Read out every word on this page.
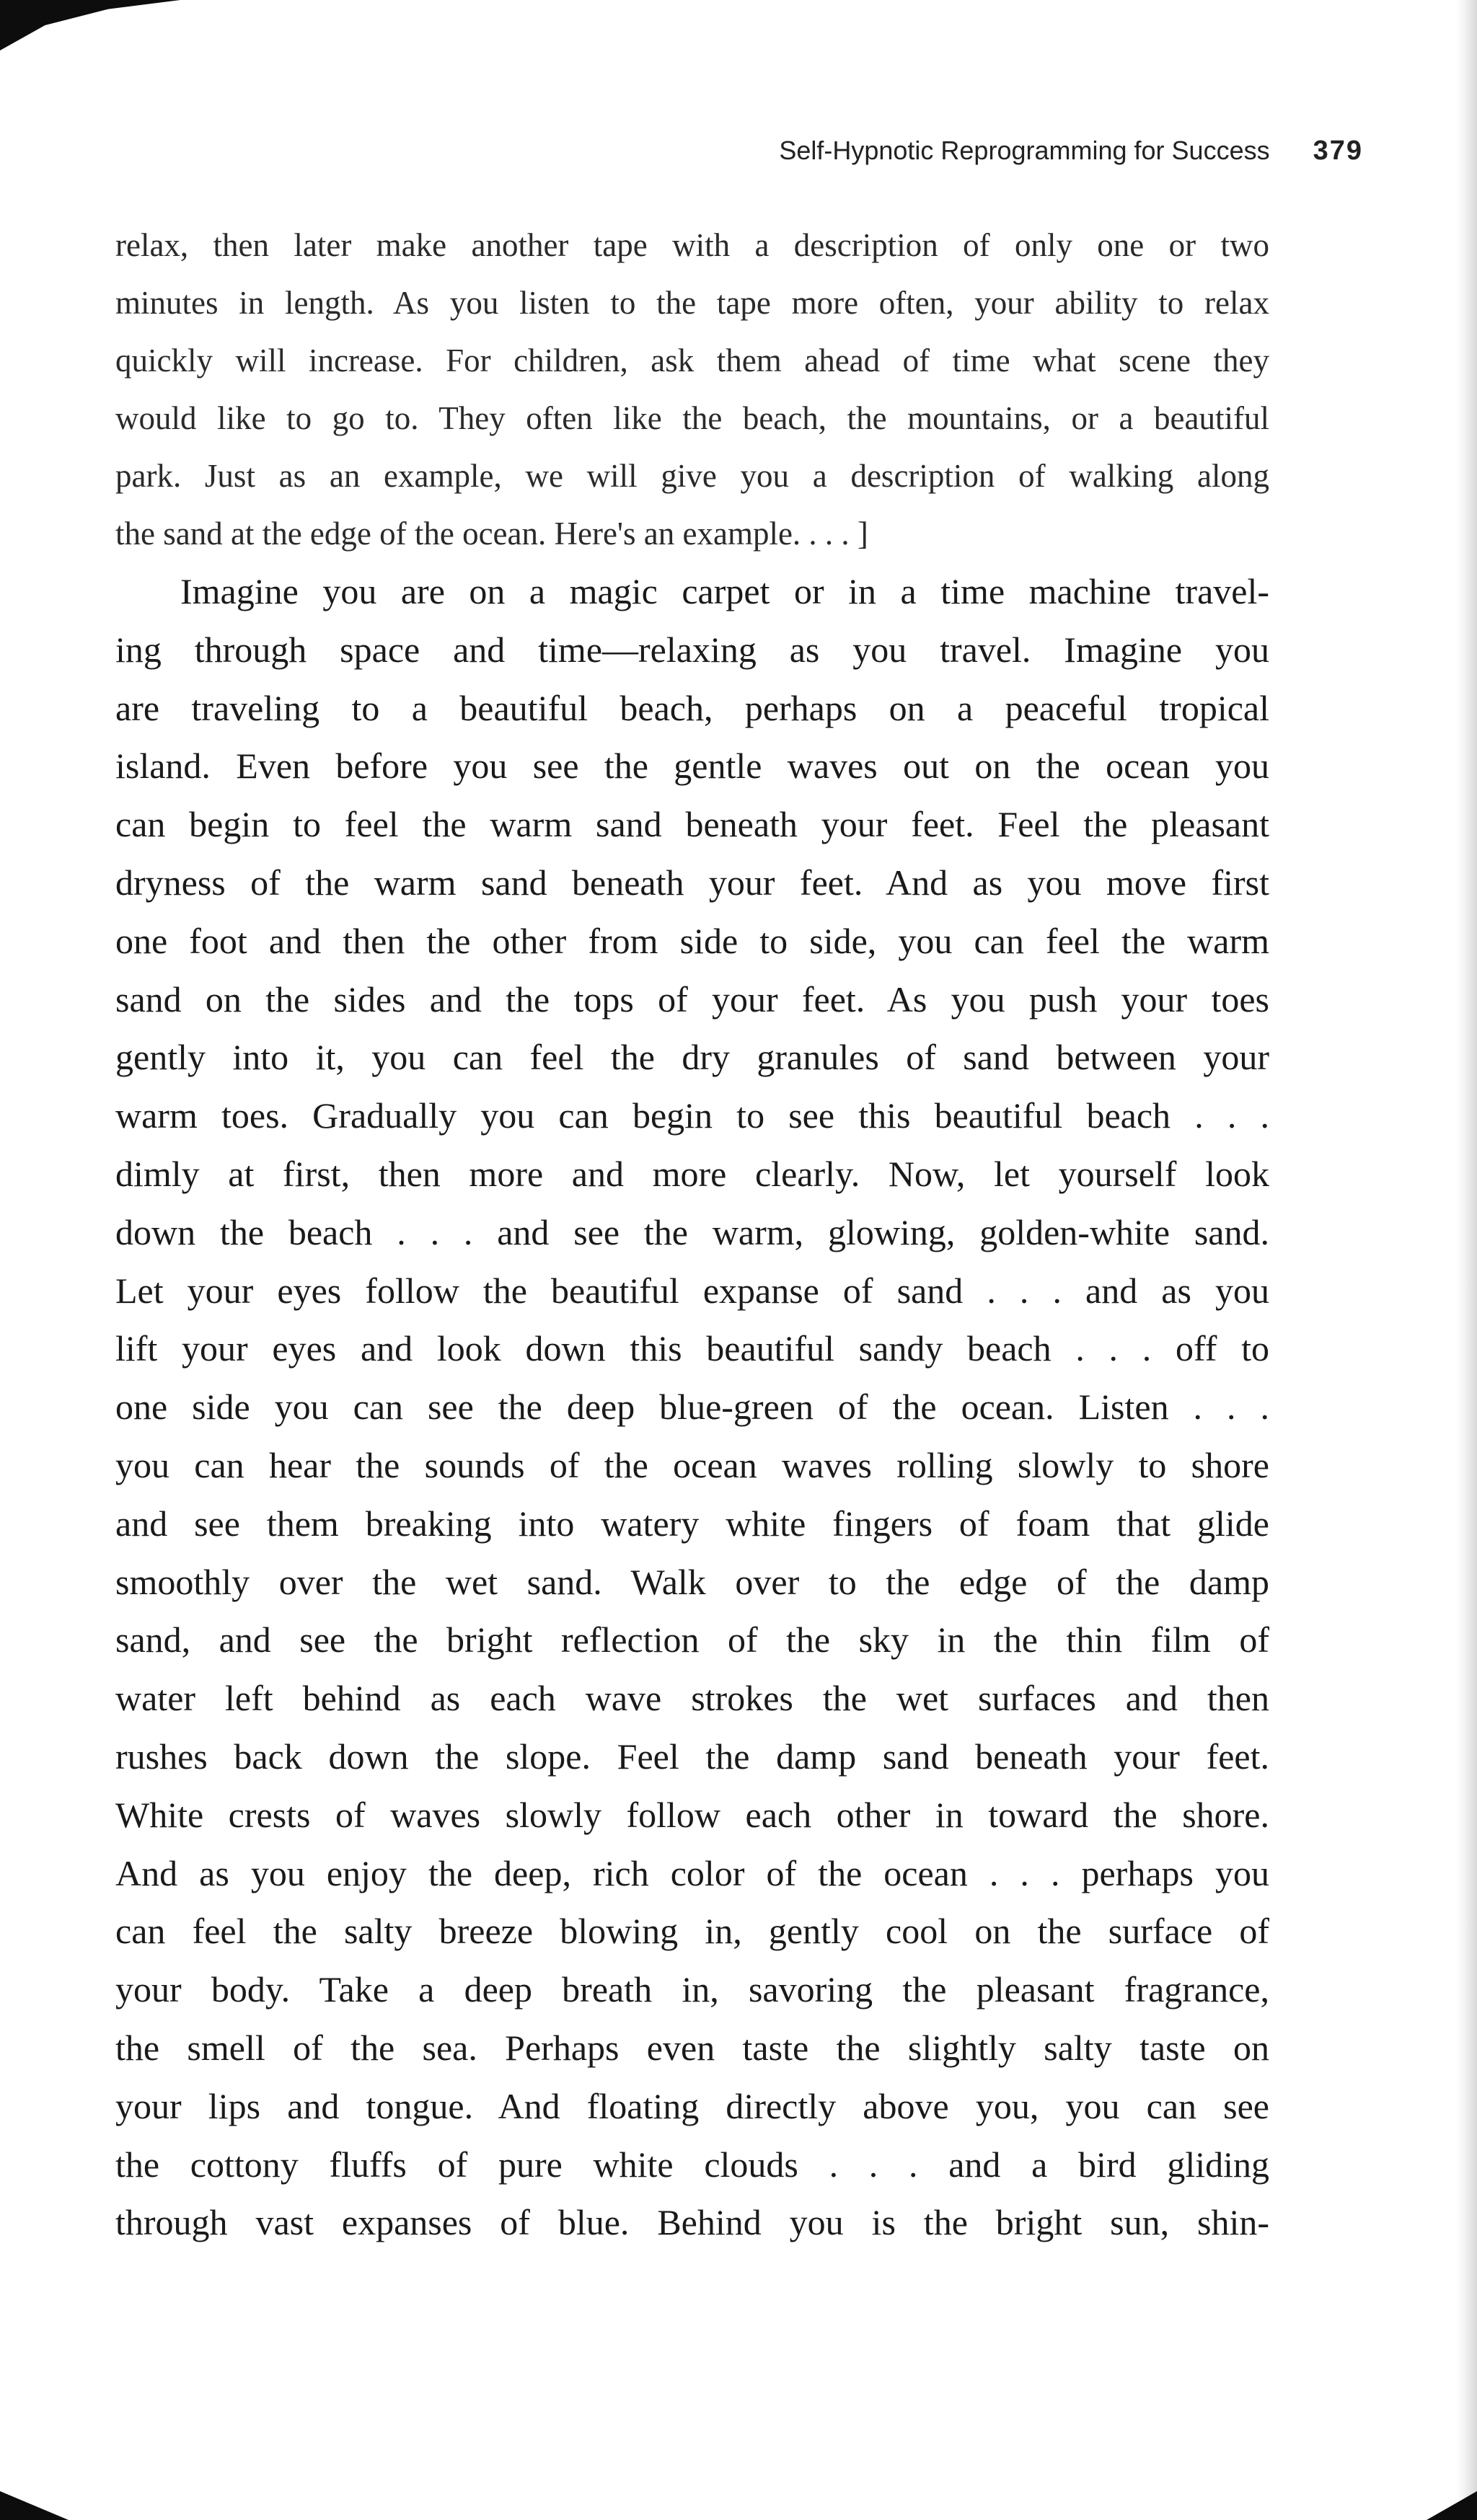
Self-Hypnotic Reprogramming for Success 379
relax, then later make another tape with a description of only one or two
minutes in length. As you listen to the tape more often, your ability to relax
quickly will increase. For children, ask them ahead of time what scene they
would like to go to. They often like the beach, the mountains, or a beautiful
park. Just as an example, we will give you a description of walking along
the sand at the edge of the ocean. Here's an example. . . . ]
Imagine you are on a magic carpet or in a time machine travel-
ing through space and time—relaxing as you travel. Imagine you
are traveling to a beautiful beach, perhaps on a peaceful tropical
island. Even before you see the gentle waves out on the ocean you
can begin to feel the warm sand beneath your feet. Feel the pleasant
dryness of the warm sand beneath your feet. And as you move first
one foot and then the other from side to side, you can feel the warm
sand on the sides and the tops of your feet. As you push your toes
gently into it, you can feel the dry granules of sand between your
warm toes. Gradually you can begin to see this beautiful beach . . .
dimly at first, then more and more clearly. Now, let yourself look
down the beach . . . and see the warm, glowing, golden-white sand.
Let your eyes follow the beautiful expanse of sand . . . and as you
lift your eyes and look down this beautiful sandy beach . . . off to
one side you can see the deep blue-green of the ocean. Listen . . .
you can hear the sounds of the ocean waves rolling slowly to shore
and see them breaking into watery white fingers of foam that glide
smoothly over the wet sand. Walk over to the edge of the damp
sand, and see the bright reflection of the sky in the thin film of
water left behind as each wave strokes the wet surfaces and then
rushes back down the slope. Feel the damp sand beneath your feet.
White crests of waves slowly follow each other in toward the shore.
And as you enjoy the deep, rich color of the ocean . . . perhaps you
can feel the salty breeze blowing in, gently cool on the surface of
your body. Take a deep breath in, savoring the pleasant fragrance,
the smell of the sea. Perhaps even taste the slightly salty taste on
your lips and tongue. And floating directly above you, you can see
the cottony fluffs of pure white clouds . . . and a bird gliding
through vast expanses of blue. Behind you is the bright sun, shin-
